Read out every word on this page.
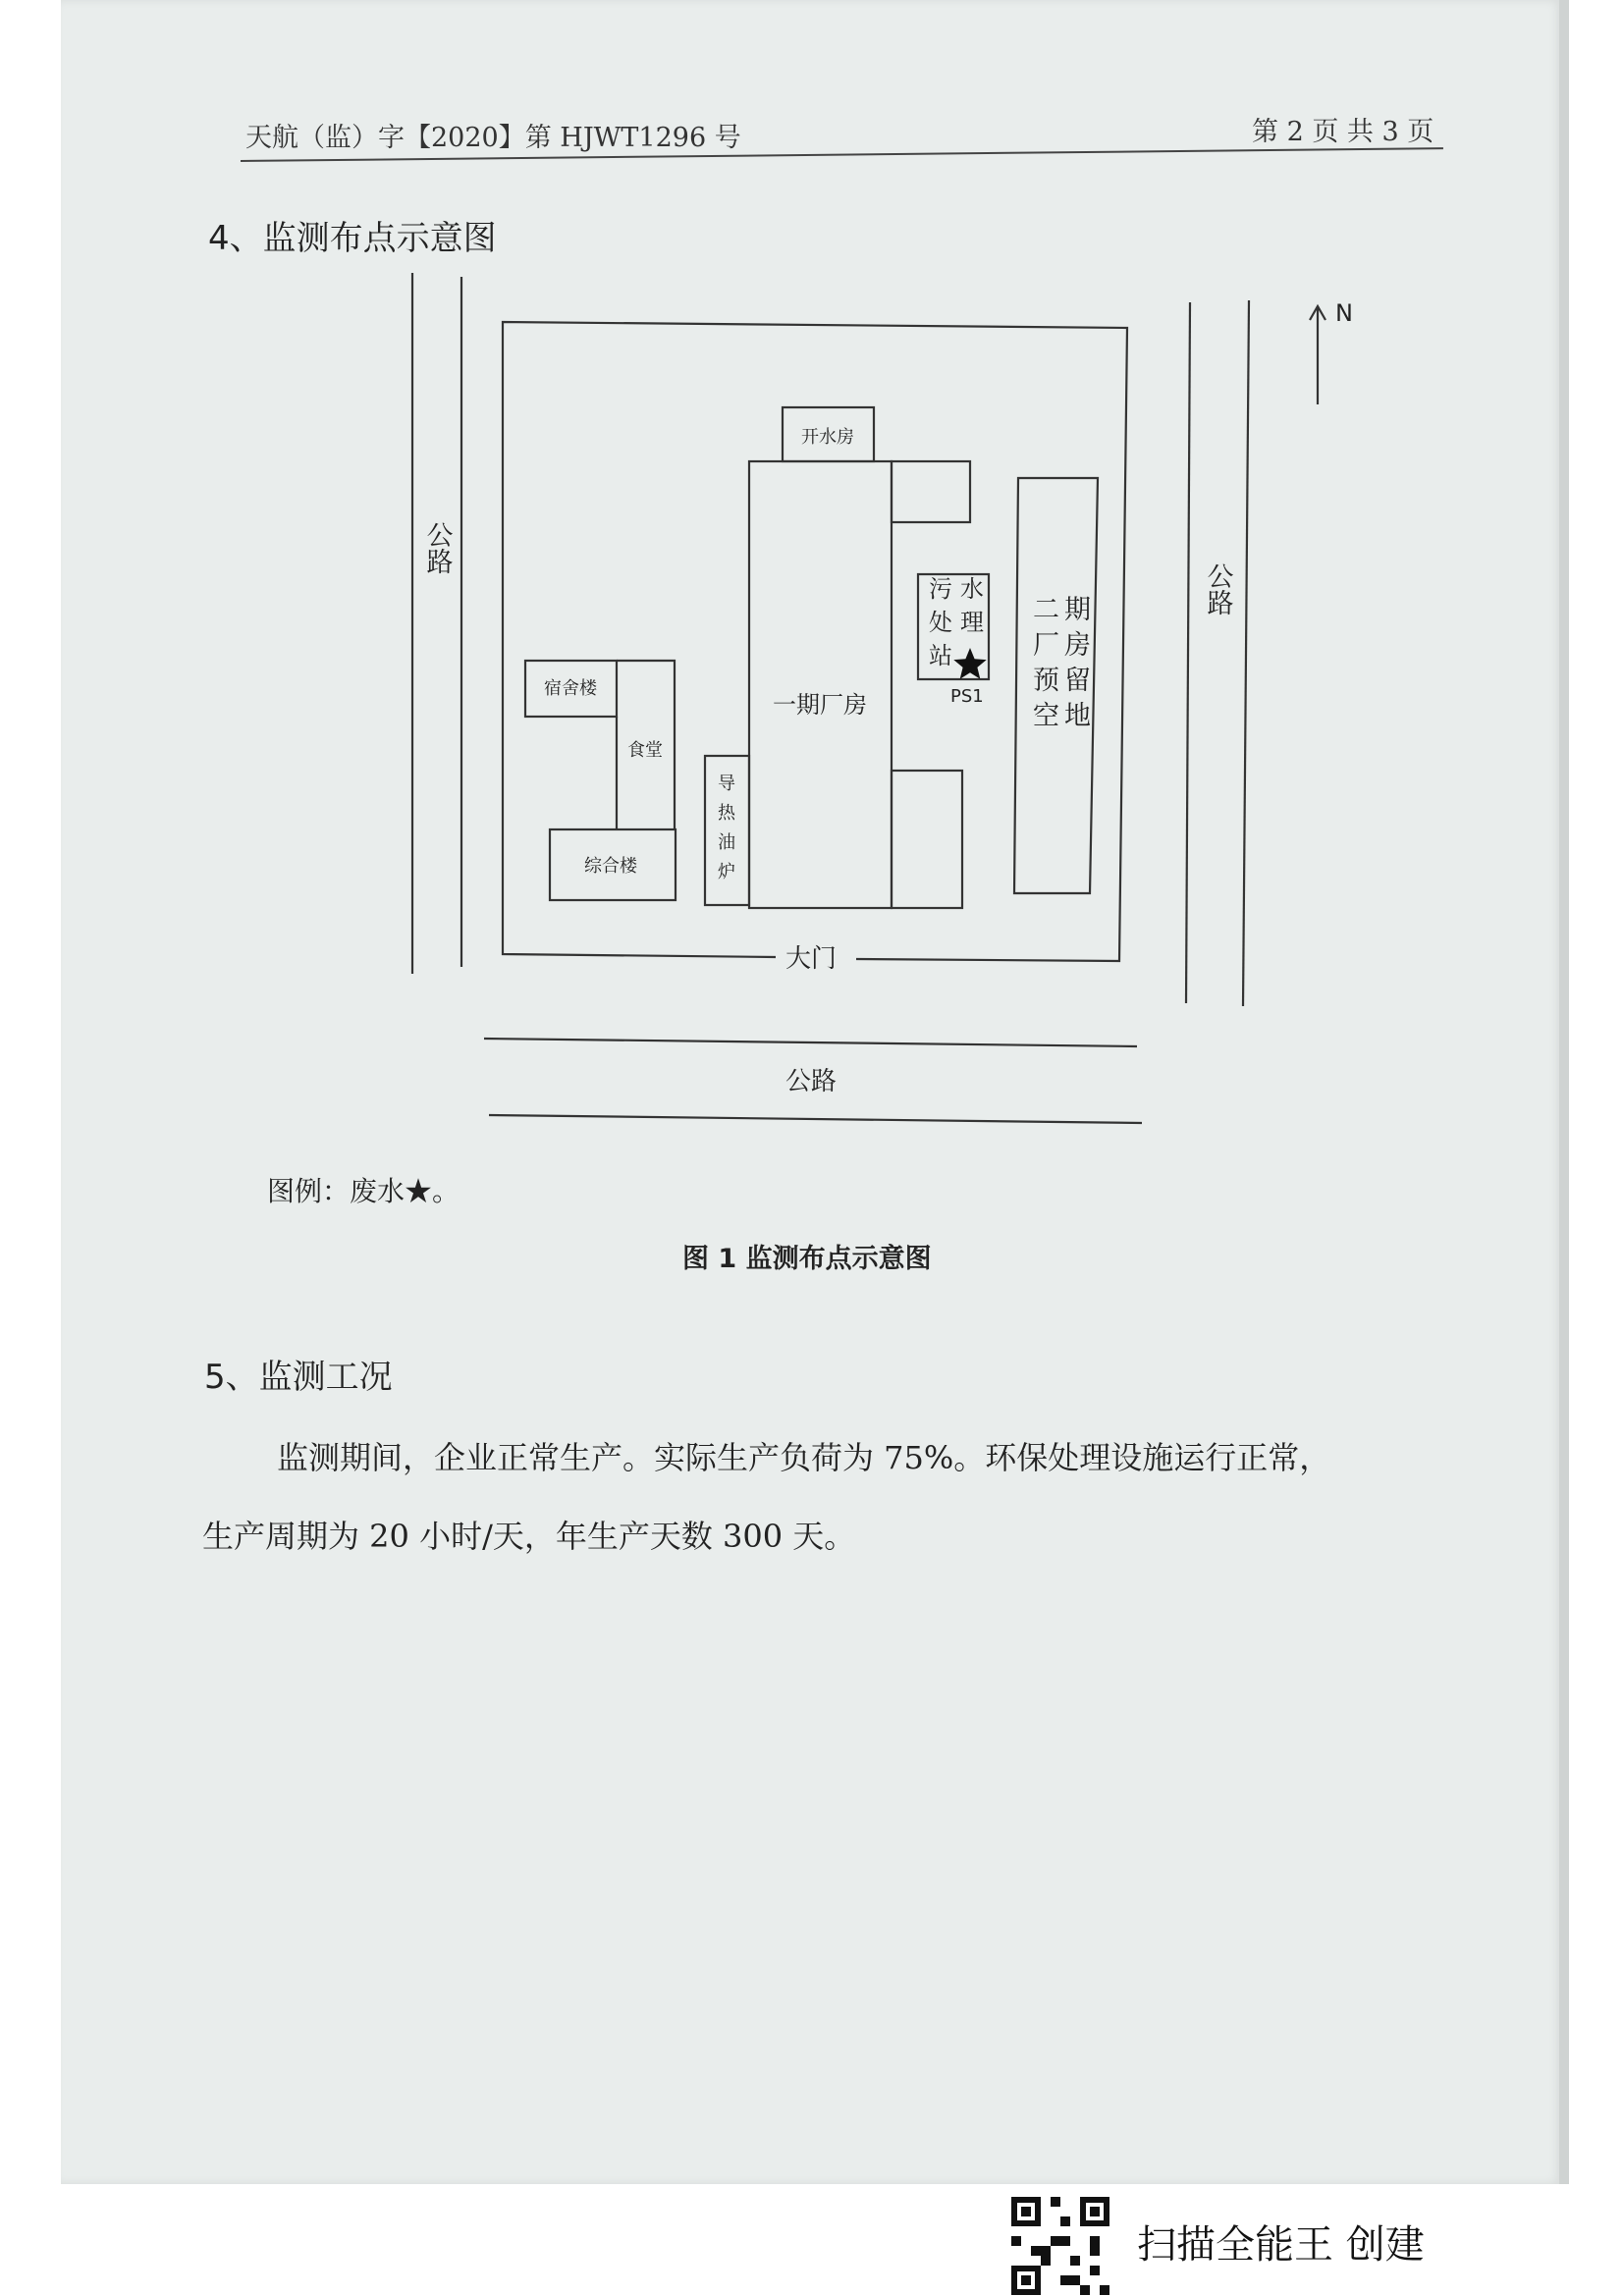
天航（监）字【2020】第 HJWT1296 号	第 2 页 共 3 页
4、监测布点示意图
N
大门
公路
公路
公路
开水房
一期厂房
宿舍楼
食堂
综合楼
PS1
污 水处 理站
二 期厂 房预 留空 地
导热油炉
图例：废水★。
图 1 监测布点示意图
5、监测工况
监测期间，企业正常生产。实际生产负荷为 75%。环保处理设施运行正常，
生产周期为 20 小时/天，年生产天数 300 天。
扫描全能王 创建
